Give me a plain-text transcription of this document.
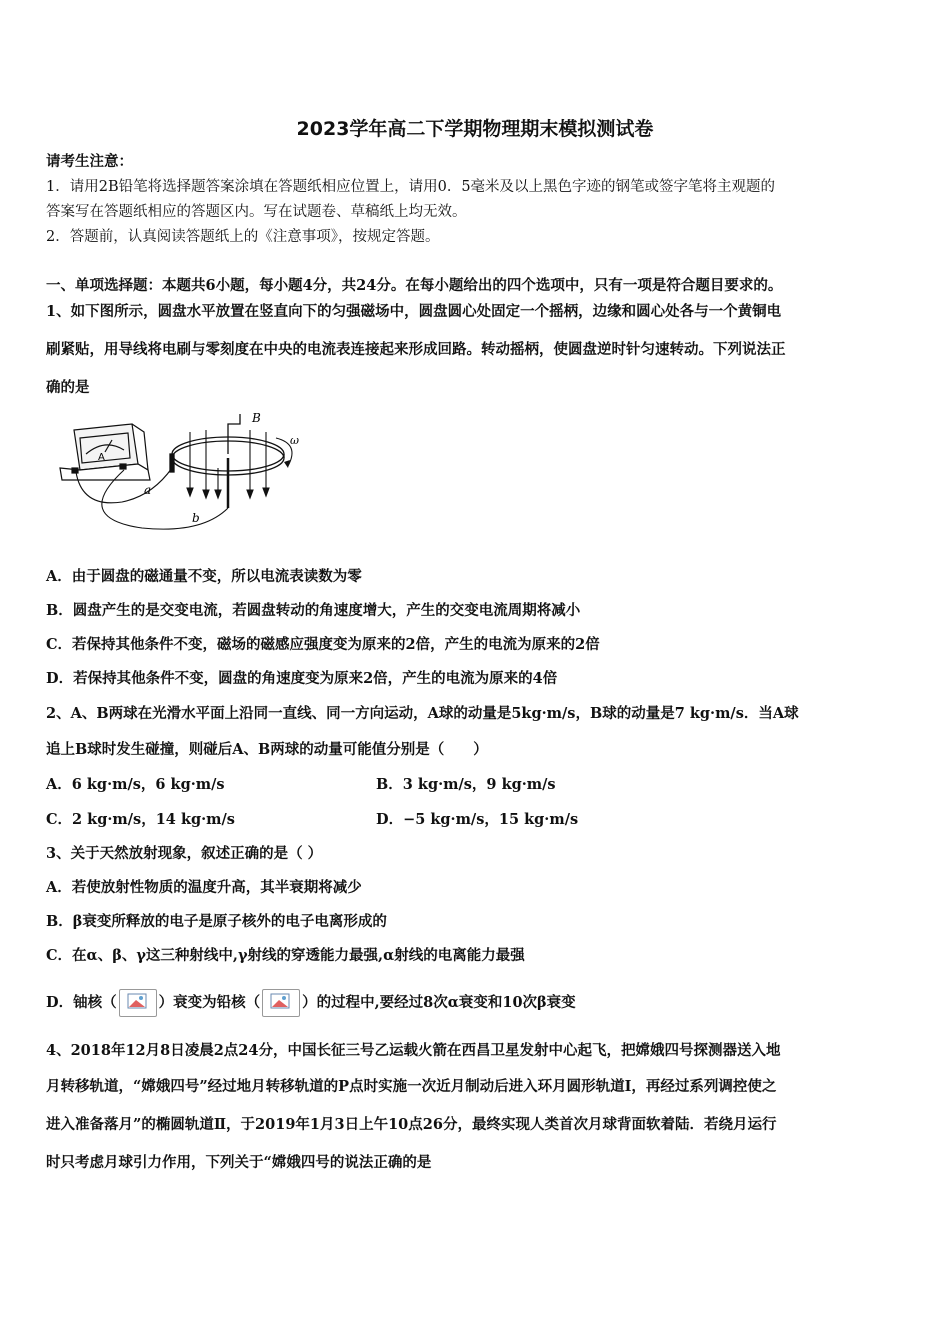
2023学年高二下学期物理期末模拟测试卷
请考生注意：
1．请用2B铅笔将选择题答案涂填在答题纸相应位置上，请用0．5毫米及以上黑色字迹的钢笔或签字笔将主观题的
答案写在答题纸相应的答题区内。写在试题卷、草稿纸上均无效。
2．答题前，认真阅读答题纸上的《注意事项》，按规定答题。
一、单项选择题：本题共6小题，每小题4分，共24分。在每小题给出的四个选项中，只有一项是符合题目要求的。
1、如下图所示，圆盘水平放置在竖直向下的匀强磁场中，圆盘圆心处固定一个摇柄，边缘和圆心处各与一个黄铜电
刷紧贴，用导线将电刷与零刻度在中央的电流表连接起来形成回路。转动摇柄，使圆盘逆时针匀速转动。下列说法正
确的是
A
B
ω
a
b
A．由于圆盘的磁通量不变，所以电流表读数为零
B．圆盘产生的是交变电流，若圆盘转动的角速度增大，产生的交变电流周期将减小
C．若保持其他条件不变，磁场的磁感应强度变为原来的2倍，产生的电流为原来的2倍
D．若保持其他条件不变，圆盘的角速度变为原来2倍，产生的电流为原来的4倍
2、A、B两球在光滑水平面上沿同一直线、同一方向运动，A球的动量是5kg·m/s，B球的动量是7 kg·m/s．当A球
追上B球时发生碰撞，则碰后A、B两球的动量可能值分别是（　　）
A．6 kg·m/s，6 kg·m/s	B．3 kg·m/s，9 kg·m/s
C．2 kg·m/s，14 kg·m/s	D．−5 kg·m/s，15 kg·m/s
3、关于天然放射现象，叙述正确的是（ ）
A．若使放射性物质的温度升高，其半衰期将减少
B．β衰变所释放的电子是原子核外的电子电离形成的
C．在α、β、γ这三种射线中,γ射线的穿透能力最强,α射线的电离能力最强
D．铀核（	）衰变为铅核（	）的过程中,要经过8次α衰变和10次β衰变
4、2018年12月8日凌晨2点24分，中国长征三号乙运载火箭在西昌卫星发射中心起飞，把嫦娥四号探测器送入地
月转移轨道，“嫦娥四号”经过地月转移轨道的P点时实施一次近月制动后进入环月圆形轨道I，再经过系列调控使之
进入准备落月”的椭圆轨道Ⅱ，于2019年1月3日上午10点26分，最终实现人类首次月球背面软着陆．若绕月运行
时只考虑月球引力作用，下列关于“嫦娥四号的说法正确的是
